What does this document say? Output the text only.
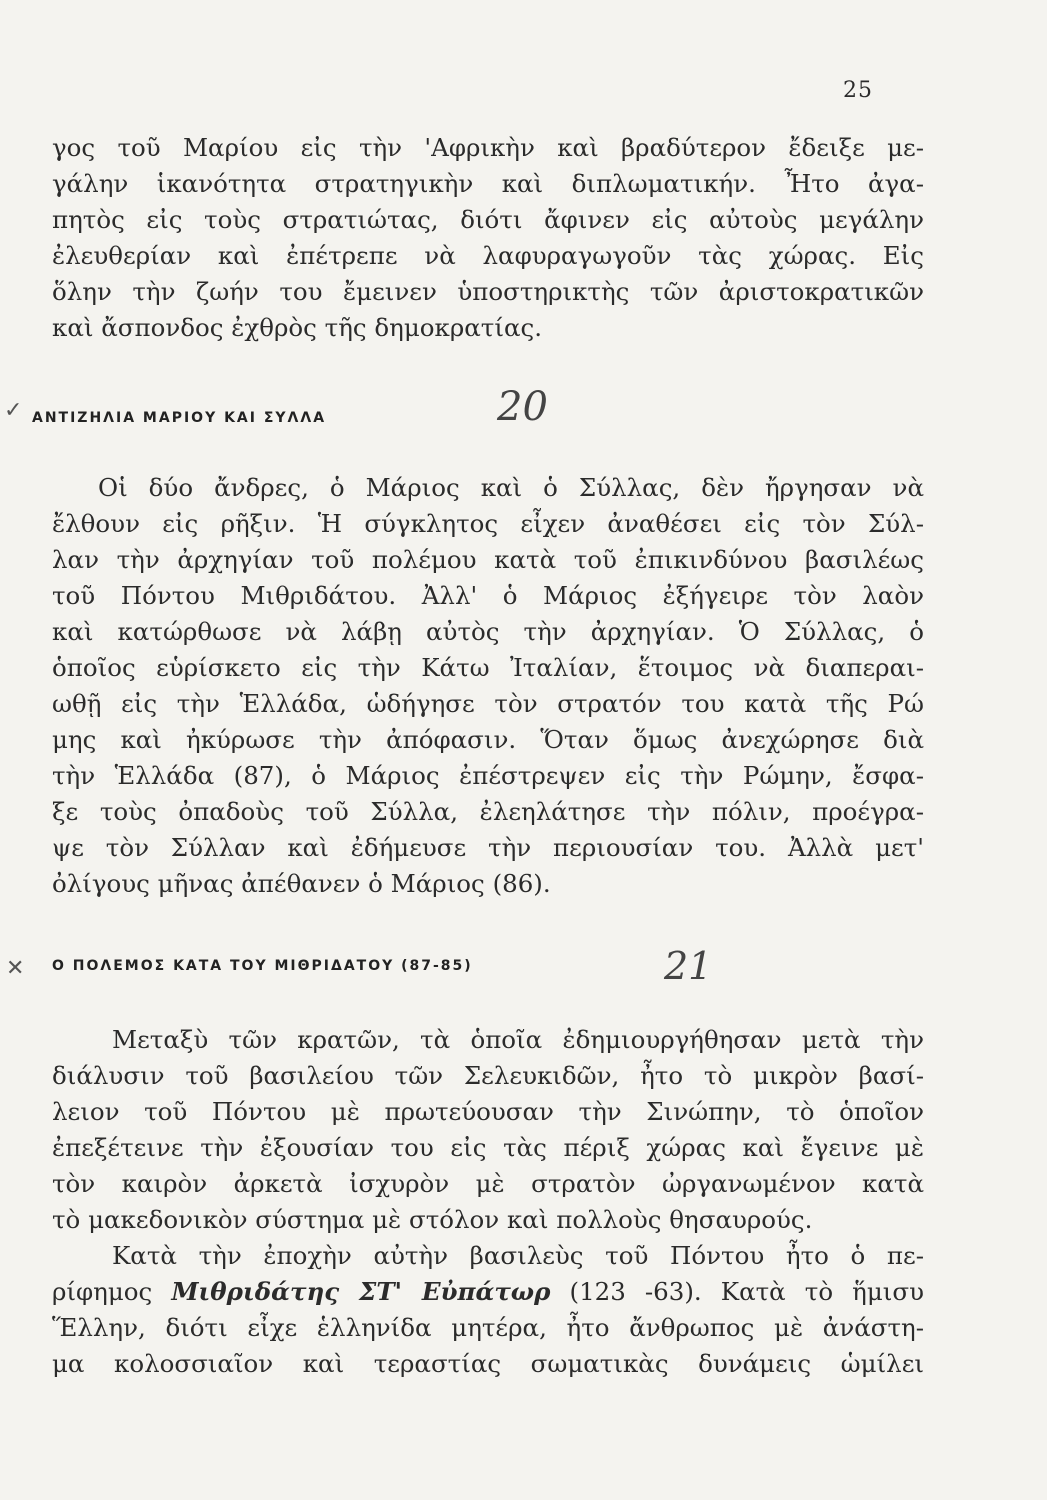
25
γος τοῦ Μαρίου εἰς τὴν 'Αφρικὴν καὶ βραδύτερον ἔδειξε με-
γάλην ἱκανότητα στρατηγικὴν καὶ διπλωματικήν. Ἦτο ἀγα-
πητὸς εἰς τοὺς στρατιώτας, διότι ἄφινεν εἰς αὐτοὺς μεγάλην
ἐλευθερίαν καὶ ἐπέτρεπε νὰ λαφυραγωγοῦν τὰς χώρας. Εἰς
ὅλην τὴν ζωήν του ἔμεινεν ὑποστηρικτὴς τῶν ἀριστοκρατικῶν
καὶ ἄσπονδος ἐχθρὸς τῆς δημοκρατίας.
✓ ΑΝΤΙΖΗΛΙΑ ΜΑΡΙΟΥ ΚΑΙ ΣΥΛΛΑ	20
Οἱ δύο ἄνδρες, ὁ Μάριος καὶ ὁ Σύλλας, δὲν ἤργησαν νὰ
ἔλθουν εἰς ρῆξιν. Ἡ σύγκλητος εἶχεν ἀναθέσει εἰς τὸν Σύλ-
λαν τὴν ἀρχηγίαν τοῦ πολέμου κατὰ τοῦ ἐπικινδύνου βασιλέως
τοῦ Πόντου Μιθριδάτου. Ἀλλ' ὁ Μάριος ἐξήγειρε τὸν λαὸν
καὶ κατώρθωσε νὰ λάβῃ αὐτὸς τὴν ἀρχηγίαν. Ὁ Σύλλας, ὁ
ὁποῖος εὑρίσκετο εἰς τὴν Κάτω Ἰταλίαν, ἕτοιμος νὰ διαπεραι-
ωθῇ εἰς τὴν Ἑλλάδα, ὡδήγησε τὸν στρατόν του κατὰ τῆς Ρώ
μης καὶ ἠκύρωσε τὴν ἀπόφασιν. Ὅταν ὅμως ἀνεχώρησε διὰ
τὴν Ἑλλάδα (87), ὁ Μάριος ἐπέστρεψεν εἰς τὴν Ρώμην, ἔσφα-
ξε τοὺς ὀπαδοὺς τοῦ Σύλλα, ἐλεηλάτησε τὴν πόλιν, προέγρα-
ψε τὸν Σύλλαν καὶ ἐδήμευσε τὴν περιουσίαν του. Ἀλλὰ μετ'
ὀλίγους μῆνας ἀπέθανεν ὁ Μάριος (86).
✕ Ο ΠΟΛΕΜΟΣ ΚΑΤΑ ΤΟΥ ΜΙΘΡΙΔΑΤΟΥ (87-85)	21
Μεταξὺ τῶν κρατῶν, τὰ ὁποῖα ἐδημιουργήθησαν μετὰ τὴν
διάλυσιν τοῦ βασιλείου τῶν Σελευκιδῶν, ἦτο τὸ μικρὸν βασί-
λειον τοῦ Πόντου μὲ πρωτεύουσαν τὴν Σινώπην, τὸ ὁποῖον
ἐπεξέτεινε τὴν ἐξουσίαν του εἰς τὰς πέριξ χώρας καὶ ἔγεινε μὲ
τὸν καιρὸν ἀρκετὰ ἰσχυρὸν μὲ στρατὸν ὠργανωμένον κατὰ
τὸ μακεδονικὸν σύστημα μὲ στόλον καὶ πολλοὺς θησαυρούς.
Κατὰ τὴν ἐποχὴν αὐτὴν βασιλεὺς τοῦ Πόντου ἦτο ὁ πε-
ρίφημος Μιθριδάτης ΣΤ' Εὐπάτωρ (123 -63). Κατὰ τὸ ἥμισυ
Ἕλλην, διότι εἶχε ἑλληνίδα μητέρα, ἦτο ἄνθρωπος μὲ ἀνάστη-
μα κολοσσιαῖον καὶ τεραστίας σωματικὰς δυνάμεις ὡμίλει
